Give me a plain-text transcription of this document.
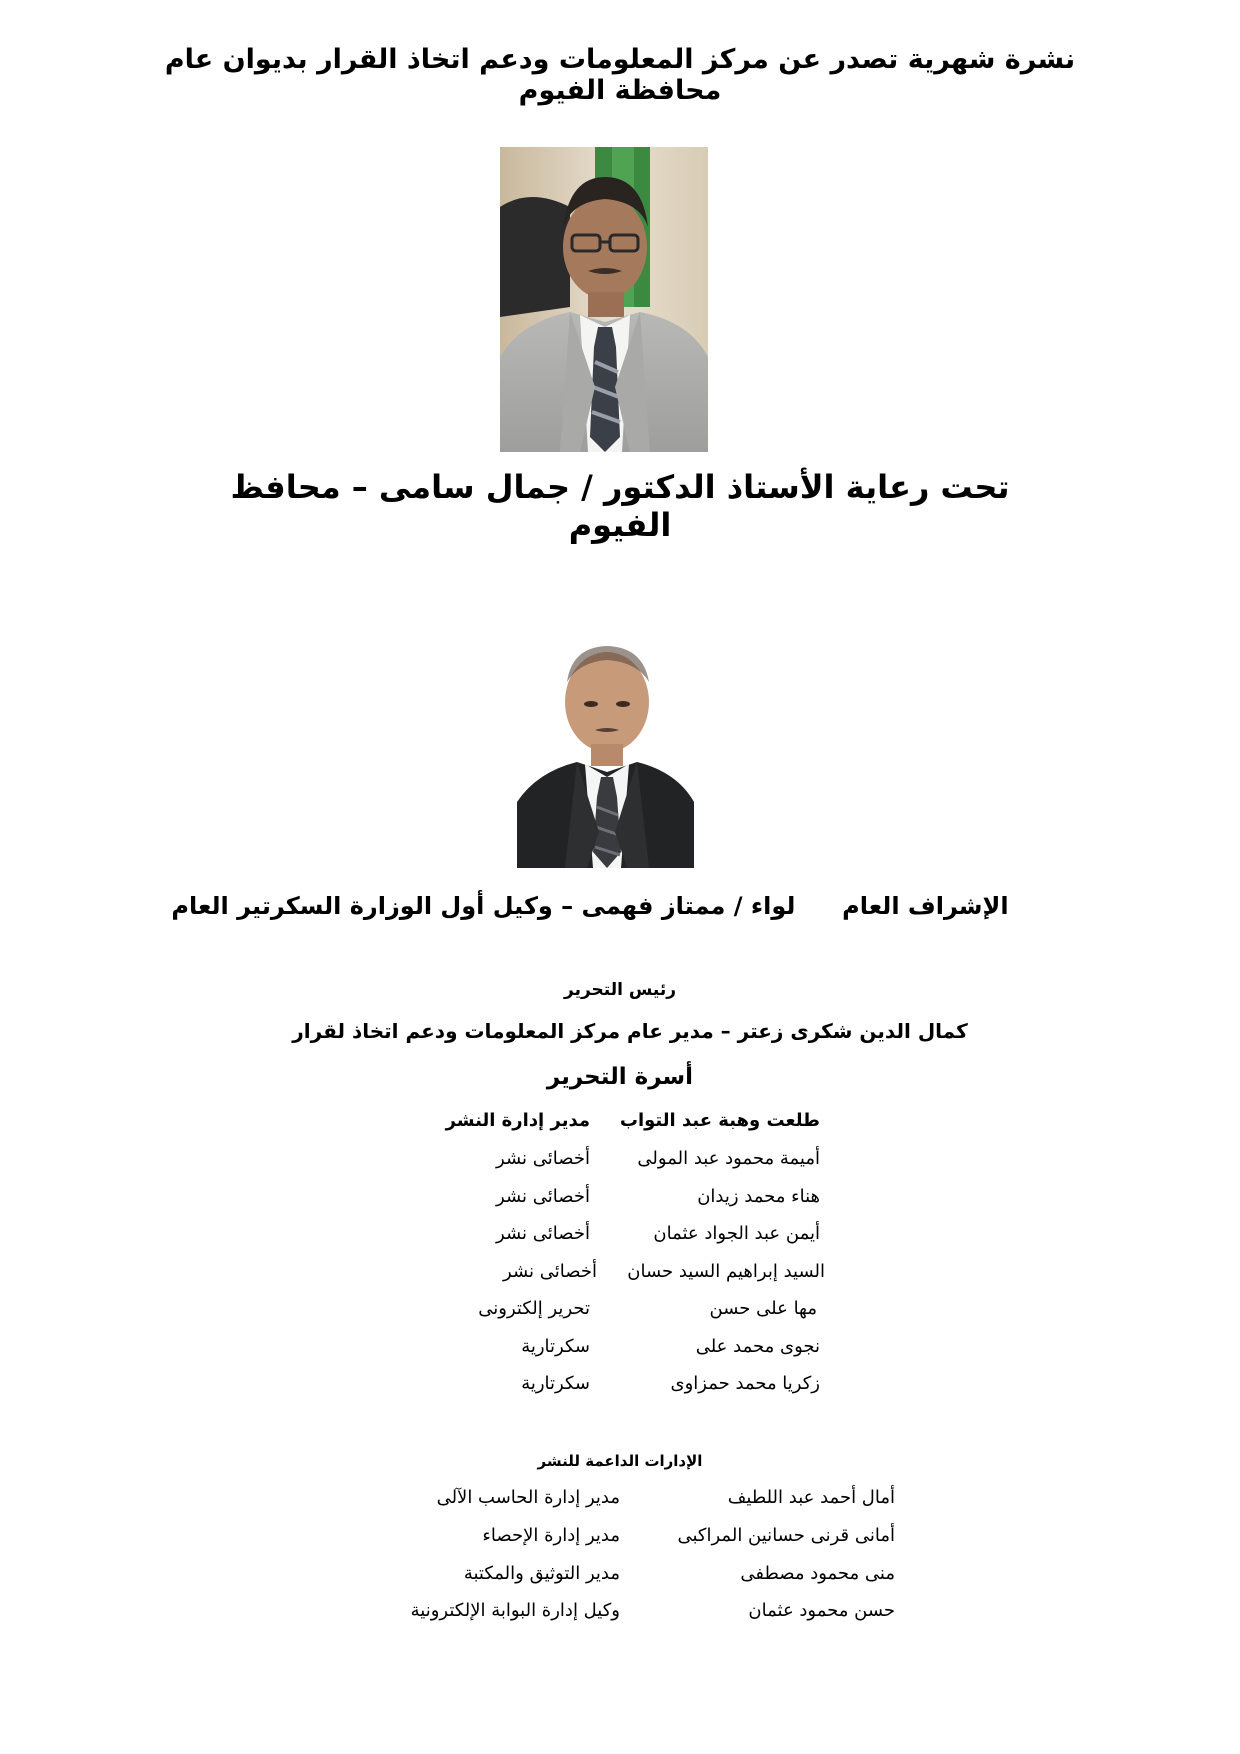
نشرة شهرية تصدر عن مركز المعلومات ودعم اتخاذ القرار بديوان عام محافظة الفيوم
تحت رعاية الأستاذ الدكتور / جمال سامى – محافظ الفيوم
الإشراف العام  لواء / ممتاز فهمى – وكيل أول الوزارة السكرتير العام
رئيس التحرير
كمال الدين شكرى زعتر – مدير عام مركز المعلومات ودعم اتخاذ لقرار
أسرة التحرير
طلعت وهبة عبد التواب
مدير إدارة النشر
أميمة محمود عبد المولى
أخصائى نشر
هناء محمد زيدان
أخصائى نشر
أيمن عبد الجواد عثمان
أخصائى نشر
السيد إبراهيم السيد حسان
أخصائى نشر
مها على حسن
تحرير إلكترونى
نجوى محمد على
سكرتارية
زكريا محمد حمزاوى
سكرتارية
الإدارات الداعمة للنشر
أمال أحمد عبد اللطيف
مدير إدارة الحاسب الآلى
أمانى قرنى حسانين المراكبى
مدير إدارة الإحصاء
منى محمود مصطفى
مدير التوثيق والمكتبة
حسن محمود عثمان
وكيل إدارة البوابة الإلكترونية
